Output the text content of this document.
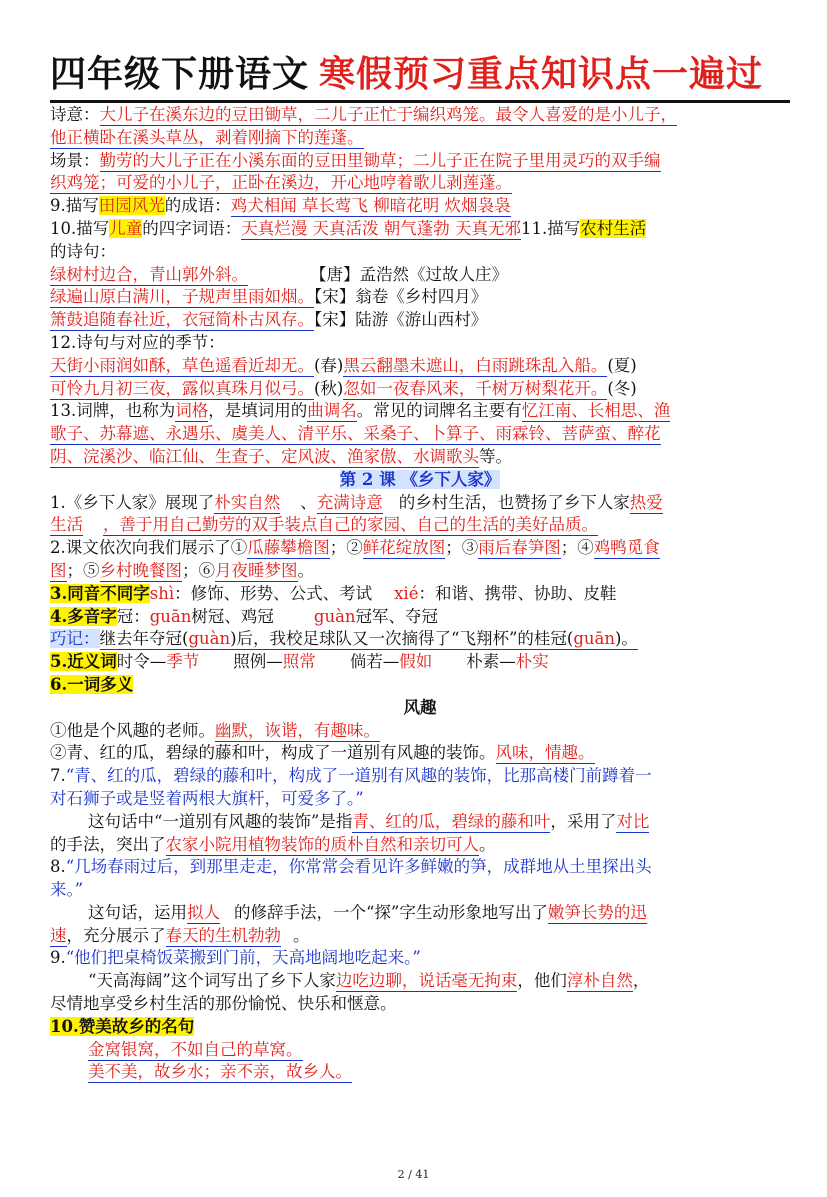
四年级下册语文 寒假预习重点知识点一遍过
诗意：大儿子在溪东边的豆田锄草，二儿子正忙于编织鸡笼。最令人喜爱的是小儿子，
他正横卧在溪头草丛，剥着刚摘下的莲蓬。
场景：勤劳的大儿子正在小溪东面的豆田里锄草；二儿子正在院子里用灵巧的双手编
织鸡笼；可爱的小儿子，正卧在溪边，开心地哼着歌儿剥莲蓬。
9.描写田园风光的成语：鸡犬相闻 草长莺飞 柳暗花明 炊烟袅袅
10.描写儿童的四字词语：天真烂漫 天真活泼 朝气蓬勃 天真无邪11.描写农村生活
的诗句：
绿树村边合，青山郭外斜。	【唐】孟浩然《过故人庄》
绿遍山原白满川，子规声里雨如烟。【宋】翁卷《乡村四月》
箫鼓追随春社近，衣冠简朴古风存。【宋】陆游《游山西村》
12.诗句与对应的季节：
天街小雨润如酥，草色遥看近却无。(春)黑云翻墨未遮山，白雨跳珠乱入船。(夏)
可怜九月初三夜，露似真珠月似弓。(秋)忽如一夜春风来，千树万树梨花开。(冬)
13.词牌，也称为词格，是填词用的曲调名。常见的词牌名主要有忆江南、长相思、渔
歌子、苏幕遮、永遇乐、虞美人、清平乐、采桑子、卜算子、雨霖铃、菩萨蛮、醉花
阴、浣溪沙、临江仙、生查子、定风波、渔家傲、水调歌头等。
第 2 课 《乡下人家》
1.《乡下人家》展现了朴实自然 、充满诗意 的乡村生活，也赞扬了乡下人家热爱
生活 ，善于用自己勤劳的双手装点自己的家园、自己的生活的美好品质。
2.课文依次向我们展示了①瓜藤攀檐图；②鲜花绽放图；③雨后春笋图；④鸡鸭觅食
图；⑤乡村晚餐图；⑥月夜睡梦图。
3.同音不同字shì：修饰、形势、公式、考试 xié：和谐、携带、协助、皮鞋
4.多音字冠：guān树冠、鸡冠 guàn冠军、夺冠
巧记：继去年夺冠(guàn)后，我校足球队又一次摘得了“飞翔杯”的桂冠(guān)。
5.近义词时令—季节 照例—照常 倘若—假如 朴素—朴实
6.一词多义
风趣
①他是个风趣的老师。幽默，诙谐，有趣味。
②青、红的瓜，碧绿的藤和叶，构成了一道别有风趣的装饰。风味，情趣。
7.“青、红的瓜，碧绿的藤和叶，构成了一道别有风趣的装饰，比那高楼门前蹲着一
对石狮子或是竖着两根大旗杆，可爱多了。”
这句话中“一道别有风趣的装饰”是指青、红的瓜，碧绿的藤和叶，采用了对比
的手法，突出了农家小院用植物装饰的质朴自然和亲切可人。
8.“几场春雨过后，到那里走走，你常常会看见许多鲜嫩的笋，成群地从土里探出头
来。”
这句话，运用拟人 的修辞手法，一个“探”字生动形象地写出了嫩笋长势的迅
速，充分展示了春天的生机勃勃 。
9.“他们把桌椅饭菜搬到门前，天高地阔地吃起来。”
“天高海阔”这个词写出了乡下人家边吃边聊，说话毫无拘束，他们淳朴自然，
尽情地享受乡村生活的那份愉悦、快乐和惬意。
10.赞美故乡的名句
金窝银窝，不如自己的草窝。
美不美，故乡水；亲不亲，故乡人。
2 / 41
